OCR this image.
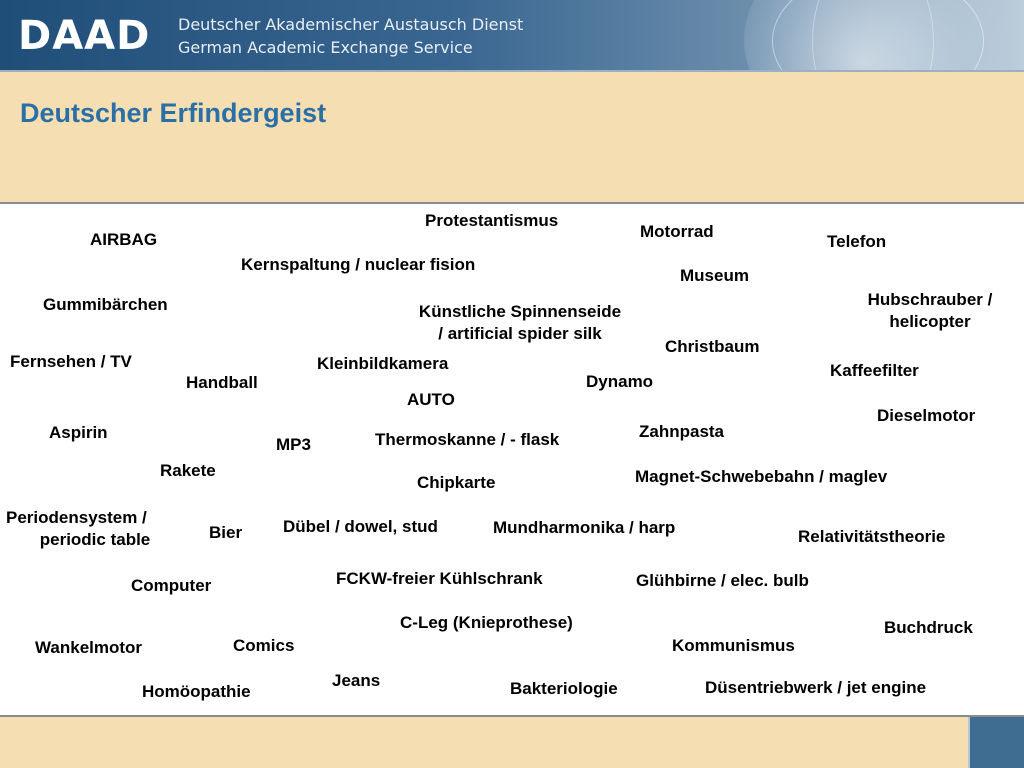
DAAD Deutscher Akademischer Austausch Dienst
German Academic Exchange Service
Deutscher Erfindergeist
Protestantismus
Motorrad
AIRBAG	Telefon
Kernspaltung / nuclear fision
Museum
Gummibärchen	Hubschrauber /
helicopter
Künstliche Spinnenseide
/ artificial spider silk
Christbaum
Fernsehen / TV	Kleinbildkamera	Kaffeefilter
Handball	Dynamo
AUTO
Dieselmotor
Aspirin	Zahnpasta
Thermoskanne / - flask
MP3
Rakete	Magnet-Schwebebahn / maglev
Chipkarte
Periodensystem /
periodic table
Dübel / dowel, stud	Mundharmonika / harp
Bier	Relativitätstheorie
FCKW-freier Kühlschrank	Glühbirne / elec. bulb
Computer
C-Leg (Knieprothese)	Buchdruck
Comics	Kommunismus
Wankelmotor
Jeans	Düsentriebwerk / jet engine
Homöopathie	Bakteriologie
